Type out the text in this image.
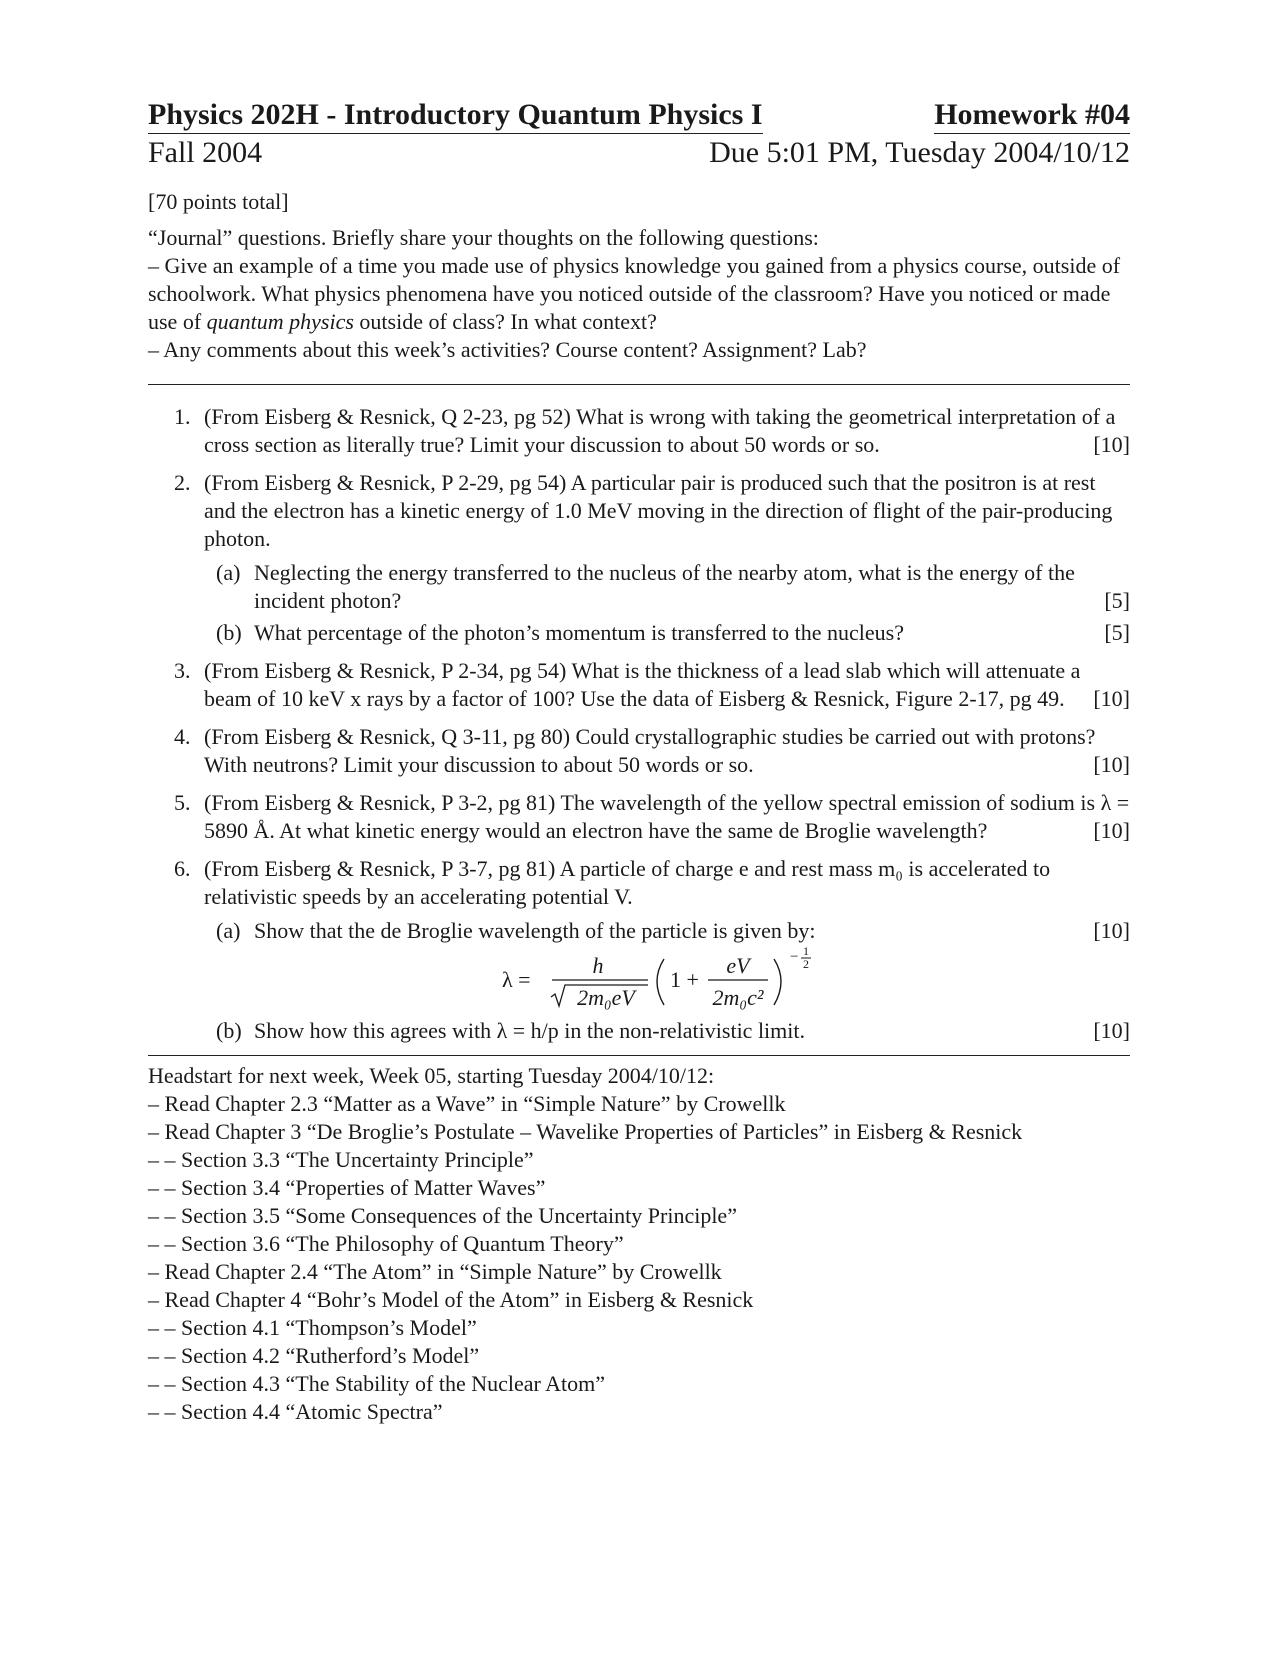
Physics 202H - Introductory Quantum Physics I	Homework #04
Fall 2004	Due 5:01 PM, Tuesday 2004/10/12

[70 points total]

“Journal” questions. Briefly share your thoughts on the following questions:

– Give an example of a time you made use of physics knowledge you gained from a physics course, outside of schoolwork. What physics phenomena have you noticed outside of the classroom? Have you noticed or made use of quantum physics outside of class? In what context?

– Any comments about this week’s activities? Course content? Assignment? Lab?

1. (From Eisberg & Resnick, Q 2-23, pg 52) What is wrong with taking the geometrical interpretation of a cross section as literally true? Limit your discussion to about 50 words or so.	[10]
2. (From Eisberg & Resnick, P 2-29, pg 54) A particular pair is produced such that the positron is at rest and the electron has a kinetic energy of 1.0 MeV moving in the direction of flight of the pair-producing photon.
(a) Neglecting the energy transferred to the nucleus of the nearby atom, what is the energy of the incident photon?	[5]
(b) What percentage of the photon’s momentum is transferred to the nucleus?	[5]
3. (From Eisberg & Resnick, P 2-34, pg 54) What is the thickness of a lead slab which will attenuate a beam of 10 keV x rays by a factor of 100? Use the data of Eisberg & Resnick, Figure 2-17, pg 49. [10]
4. (From Eisberg & Resnick, Q 3-11, pg 80) Could crystallographic studies be carried out with protons? With neutrons? Limit your discussion to about 50 words or so.	[10]
5. (From Eisberg & Resnick, P 3-2, pg 81) The wavelength of the yellow spectral emission of sodium is λ = 5890 Å. At what kinetic energy would an electron have the same de Broglie wavelength?	[10]
6. (From Eisberg & Resnick, P 3-7, pg 81) A particle of charge e and rest mass m₀ is accelerated to relativistic speeds by an accelerating potential V.
(a) Show that the de Broglie wavelength of the particle is given by:	[10]
λ =
h
2m₀eV
1 +
eV
2m₀c²
− 1
2
(b) Show how this agrees with λ = h/p in the non-relativistic limit.	[10]

Headstart for next week, Week 05, starting Tuesday 2004/10/12:

– Read Chapter 2.3 “Matter as a Wave” in “Simple Nature” by Crowellk

– Read Chapter 3 “De Broglie’s Postulate – Wavelike Properties of Particles” in Eisberg & Resnick

– – Section 3.3 “The Uncertainty Principle”

– – Section 3.4 “Properties of Matter Waves”

– – Section 3.5 “Some Consequences of the Uncertainty Principle”

– – Section 3.6 “The Philosophy of Quantum Theory”

– Read Chapter 2.4 “The Atom” in “Simple Nature” by Crowellk

– Read Chapter 4 “Bohr’s Model of the Atom” in Eisberg & Resnick

– – Section 4.1 “Thompson’s Model”

– – Section 4.2 “Rutherford’s Model”

– – Section 4.3 “The Stability of the Nuclear Atom”

– – Section 4.4 “Atomic Spectra”
